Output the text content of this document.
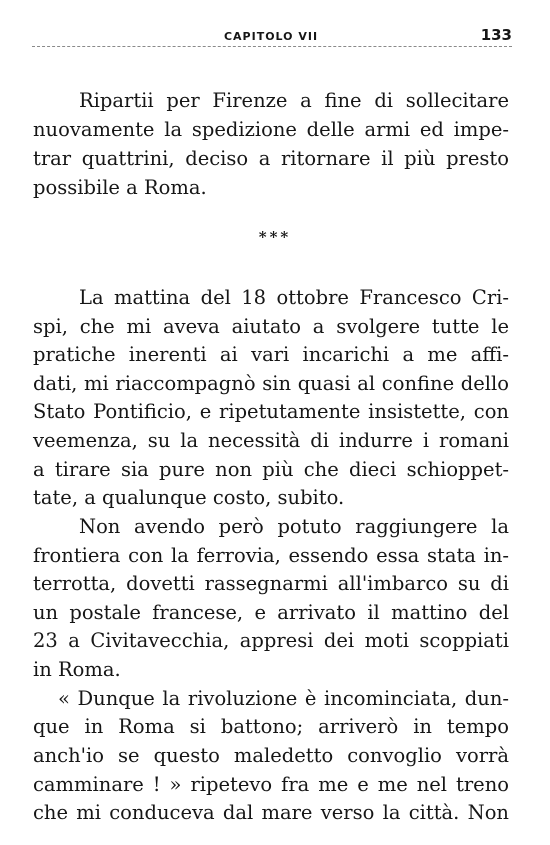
CAPITOLO VII	133
Ripartii per Firenze a fine di sollecitare
nuovamente la spedizione delle armi ed impe-
trar quattrini, deciso a ritornare il più presto
possibile a Roma.
***
La mattina del 18 ottobre Francesco Cri-
spi, che mi aveva aiutato a svolgere tutte le
pratiche inerenti ai vari incarichi a me affi-
dati, mi riaccompagnò sin quasi al confine dello
Stato Pontificio, e ripetutamente insistette, con
veemenza, su la necessità di indurre i romani
a tirare sia pure non più che dieci schioppet-
tate, a qualunque costo, subito.
Non avendo però potuto raggiungere la
frontiera con la ferrovia, essendo essa stata in-
terrotta, dovetti rassegnarmi all'imbarco su di
un postale francese, e arrivato il mattino del
23 a Civitavecchia, appresi dei moti scoppiati
in Roma.
« Dunque la rivoluzione è incominciata, dun-
que in Roma si battono; arriverò in tempo
anch'io se questo maledetto convoglio vorrà
camminare ! » ripetevo fra me e me nel treno
che mi conduceva dal mare verso la città. Non
